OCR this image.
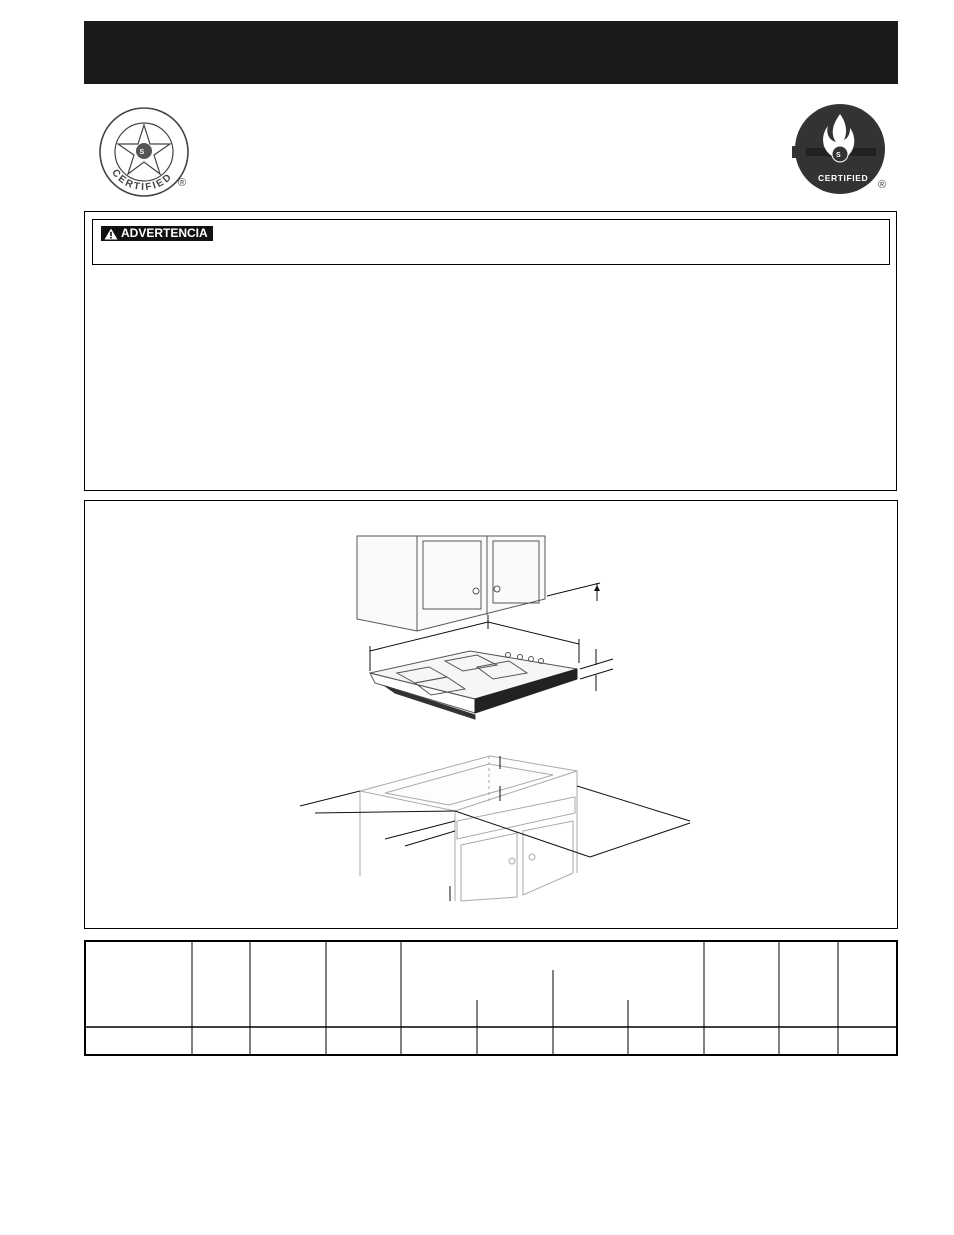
S
CERTIFIED ®
S
CERTIFIED
®
ADVERTENCIA
